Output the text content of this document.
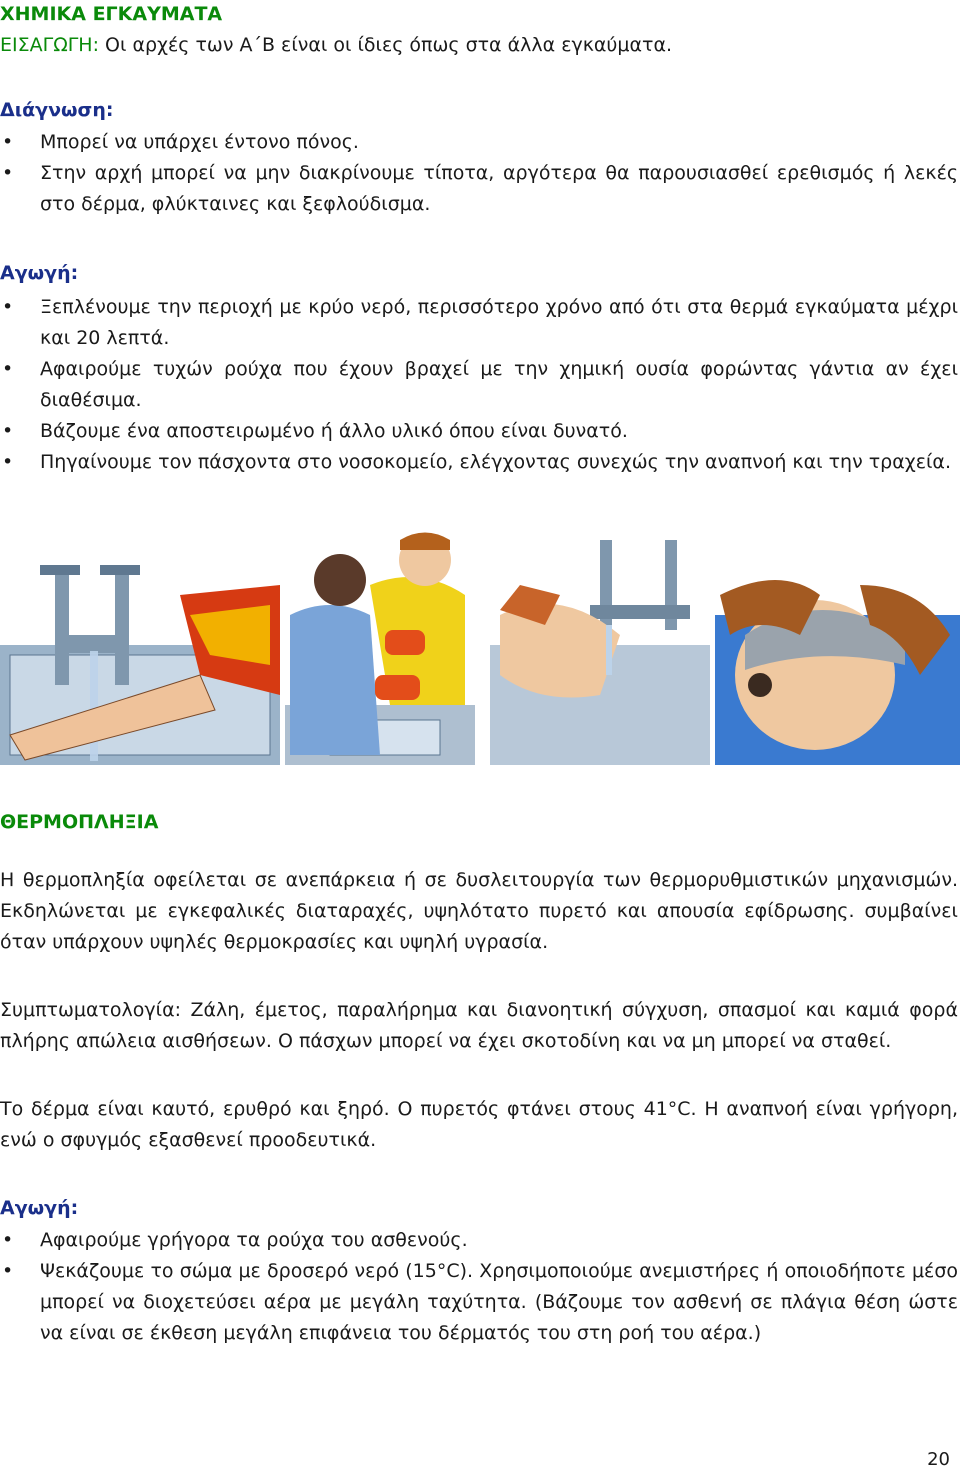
ΧΗΜΙΚΑ ΕΓΚΑΥΜΑΤΑ
ΕΙΣΑΓΩΓΗ: Οι αρχές των Α΄Β είναι οι ίδιες όπως στα άλλα εγκαύματα.
Διάγνωση:
• Μπορεί να υπάρχει έντονο πόνος.
• Στην αρχή μπορεί να μην διακρίνουμε τίποτα, αργότερα θα παρουσιασθεί ερεθισμός ή λεκές στο δέρμα, φλύκταινες και ξεφλούδισμα.
Αγωγή:
• Ξεπλένουμε την περιοχή με κρύο νερό, περισσότερο χρόνο από ότι στα θερμά εγκαύματα μέχρι και 20 λεπτά.
• Αφαιρούμε τυχών ρούχα που έχουν βραχεί με την χημική ουσία φορώντας γάντια αν έχει διαθέσιμα.
• Βάζουμε ένα αποστειρωμένο ή άλλο υλικό όπου είναι δυνατό.
• Πηγαίνουμε τον πάσχοντα στο νοσοκομείο, ελέγχοντας συνεχώς την αναπνοή και την τραχεία.
ΘΕΡΜΟΠΛΗΞΙΑ
Η θερμοπληξία οφείλεται σε ανεπάρκεια ή σε δυσλειτουργία των θερμορυθμιστικών μηχανισμών. Εκδηλώνεται με εγκεφαλικές διαταραχές, υψηλότατο πυρετό και απουσία εφίδρωσης. συμβαίνει όταν υπάρχουν υψηλές θερμοκρασίες και υψηλή υγρασία.
Συμπτωματολογία: Ζάλη, έμετος, παραλήρημα και διανοητική σύγχυση, σπασμοί και καμιά φορά πλήρης απώλεια αισθήσεων. Ο πάσχων μπορεί να έχει σκοτοδίνη και να μη μπορεί να σταθεί.
Το δέρμα είναι καυτό, ερυθρό και ξηρό. Ο πυρετός φτάνει στους 41°C. Η αναπνοή είναι γρήγορη, ενώ ο σφυγμός εξασθενεί προοδευτικά.
Αγωγή:
• Αφαιρούμε γρήγορα τα ρούχα του ασθενούς.
• Ψεκάζουμε το σώμα με δροσερό νερό (15°C). Χρησιμοποιούμε ανεμιστήρες ή οποιοδήποτε μέσο μπορεί να διοχετεύσει αέρα με μεγάλη ταχύτητα. (Βάζουμε τον ασθενή σε πλάγια θέση ώστε να είναι σε έκθεση μεγάλη επιφάνεια του δέρματός του στη ροή του αέρα.)
20
